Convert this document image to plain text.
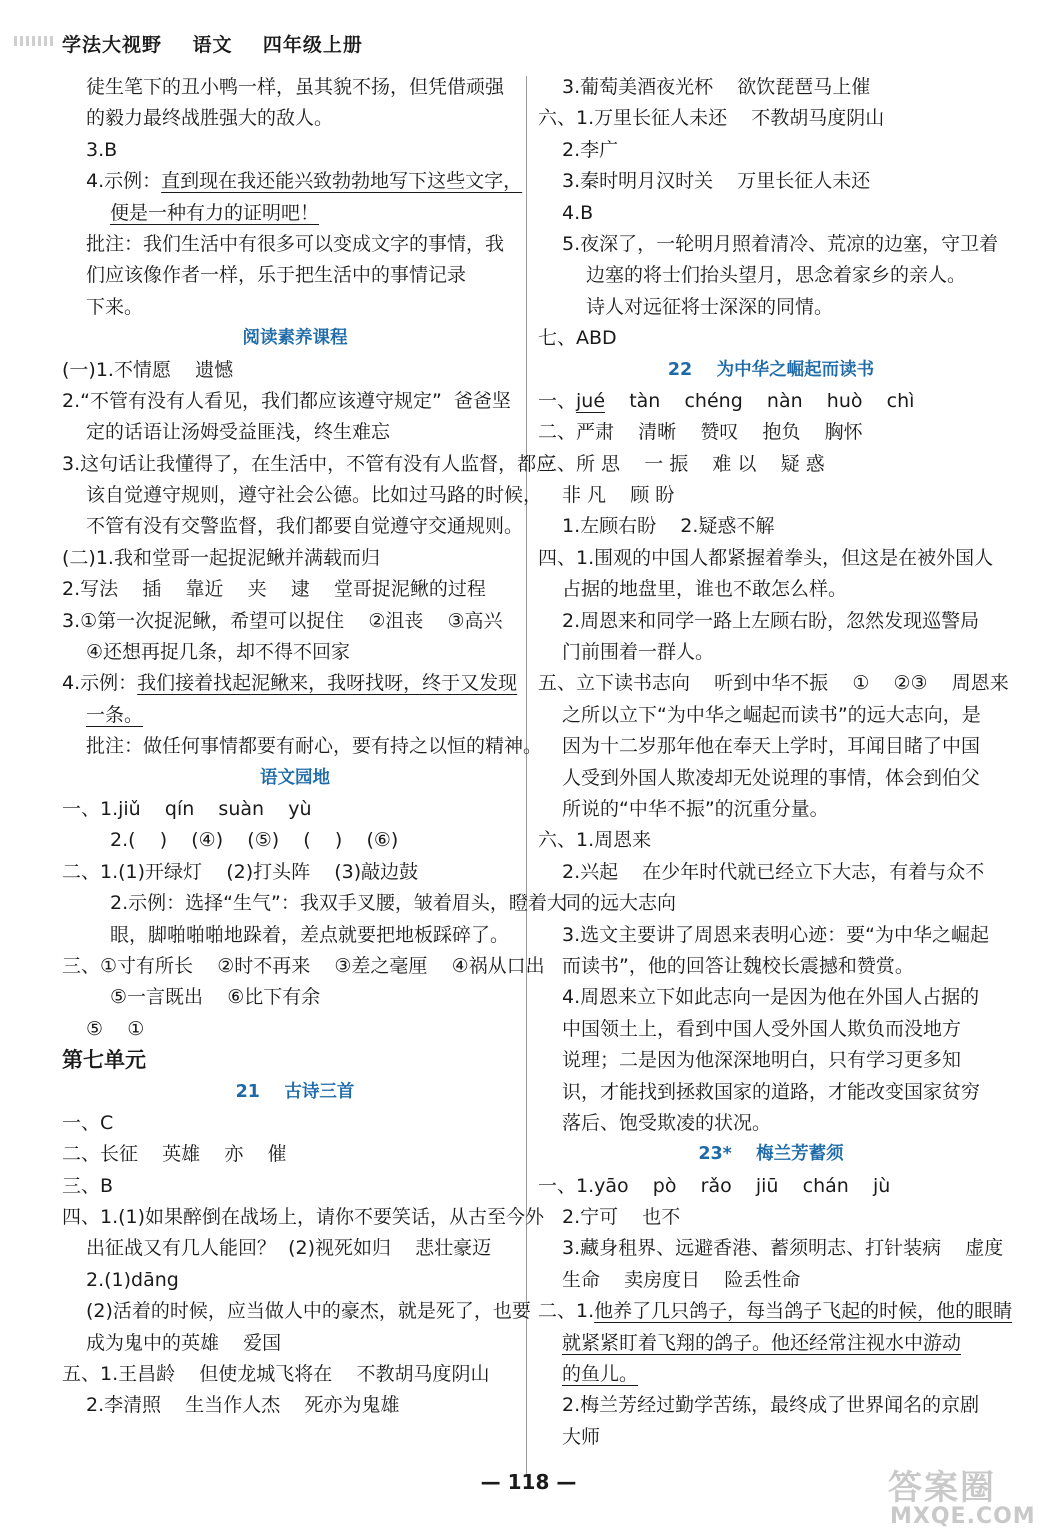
学法大视野    语文    四年级上册
徒生笔下的丑小鸭一样，虽其貌不扬，但凭借顽强
的毅力最终战胜强大的敌人。
3.B
4.示例：直到现在我还能兴致勃勃地写下这些文字，
便是一种有力的证明吧！
批注：我们生活中有很多可以变成文字的事情，我
们应该像作者一样，乐于把生活中的事情记录
下来。
阅读素养课程
(一)1.不情愿    遗憾
2.“不管有没有人看见，我们都应该遵守规定”  爸爸坚
定的话语让汤姆受益匪浅，终生难忘
3.这句话让我懂得了，在生活中，不管有没有人监督，都应
该自觉遵守规则，遵守社会公德。比如过马路的时候，
不管有没有交警监督，我们都要自觉遵守交通规则。
(二)1.我和堂哥一起捉泥鳅并满载而归
2.写法    插    靠近    夹    逮    堂哥捉泥鳅的过程
3.①第一次捉泥鳅，希望可以捉住    ②沮丧    ③高兴
④还想再捉几条，却不得不回家
4.示例：我们接着找起泥鳅来，我呀找呀，终于又发现
一条。
批注：做任何事情都要有耐心，要有持之以恒的精神。
语文园地
一、1.jiǔ    qín    suàn    yù
2.(    )    (④)    (⑤)    (    )    (⑥)
二、1.(1)开绿灯    (2)打头阵    (3)敲边鼓
2.示例：选择“生气”：我双手叉腰，皱着眉头，瞪着大
眼，脚啪啪啪地跺着，差点就要把地板踩碎了。
三、①寸有所长    ②时不再来    ③差之毫厘    ④祸从口出
⑤一言既出    ⑥比下有余
⑤    ①
第七单元
21    古诗三首
一、C
二、长征    英雄    亦    催
三、B
四、1.(1)如果醉倒在战场上，请你不要笑话，从古至今外
出征战又有几人能回？  (2)视死如归    悲壮豪迈
2.(1)dāng
(2)活着的时候，应当做人中的豪杰，就是死了，也要
成为鬼中的英雄    爱国
五、1.王昌龄    但使龙城飞将在    不教胡马度阴山
2.李清照    生当作人杰    死亦为鬼雄
3.葡萄美酒夜光杯    欲饮琵琶马上催
六、1.万里长征人未还    不教胡马度阴山
2.李广
3.秦时明月汉时关    万里长征人未还
4.B
5.夜深了，一轮明月照着清冷、荒凉的边塞，守卫着
边塞的将士们抬头望月，思念着家乡的亲人。
诗人对远征将士深深的同情。
七、ABD
22    为中华之崛起而读书
一、jué    tàn    chéng    nàn    huò    chì
二、严肃    清晰    赞叹    抱负    胸怀
三、所 思    一 振    难 以    疑 惑
非 凡    顾 盼
1.左顾右盼    2.疑惑不解
四、1.围观的中国人都紧握着拳头，但这是在被外国人
占据的地盘里，谁也不敢怎么样。
2.周恩来和同学一路上左顾右盼，忽然发现巡警局
门前围着一群人。
五、立下读书志向    听到中华不振    ①    ②③    周恩来
之所以立下“为中华之崛起而读书”的远大志向，是
因为十二岁那年他在奉天上学时，耳闻目睹了中国
人受到外国人欺凌却无处说理的事情，体会到伯父
所说的“中华不振”的沉重分量。
六、1.周恩来
2.兴起    在少年时代就已经立下大志，有着与众不
同的远大志向
3.选文主要讲了周恩来表明心迹：要“为中华之崛起
而读书”，他的回答让魏校长震撼和赞赏。
4.周恩来立下如此志向一是因为他在外国人占据的
中国领土上，看到中国人受外国人欺负而没地方
说理；二是因为他深深地明白，只有学习更多知
识，才能找到拯救国家的道路，才能改变国家贫穷
落后、饱受欺凌的状况。
23*    梅兰芳蓄须
一、1.yāo    pò    rǎo    jiū    chán    jù
2.宁可    也不
3.藏身租界、远避香港、蓄须明志、打针装病    虚度
生命    卖房度日    险丢性命
二、1.他养了几只鸽子，每当鸽子飞起的时候，他的眼睛
就紧紧盯着飞翔的鸽子。他还经常注视水中游动
的鱼儿。
2.梅兰芳经过勤学苦练，最终成了世界闻名的京剧
大师
— 118 —	答案圈
MXQE.COM
